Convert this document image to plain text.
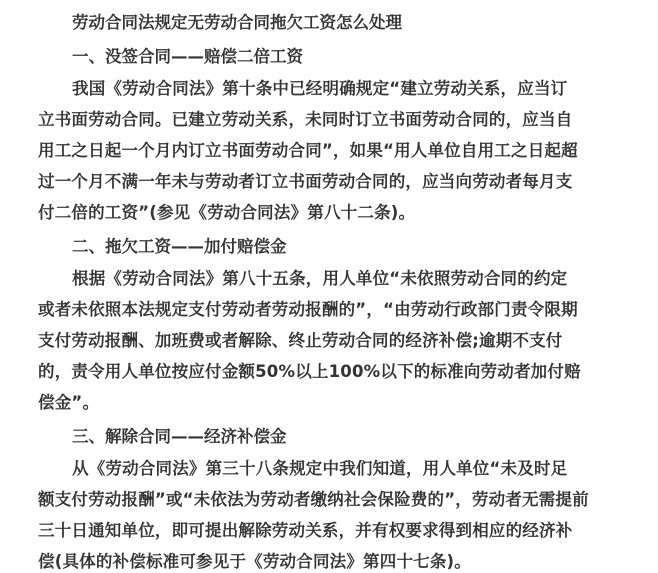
劳动合同法规定无劳动合同拖欠工资怎么处理

一、没签合同——赔偿二倍工资

我国《劳动合同法》第十条中已经明确规定“建立劳动关系，应当订

立书面劳动合同。已建立劳动关系，未同时订立书面劳动合同的，应当自

用工之日起一个月内订立书面劳动合同”，如果“用人单位自用工之日起超

过一个月不满一年未与劳动者订立书面劳动合同的，应当向劳动者每月支

付二倍的工资”(参见《劳动合同法》第八十二条)。

二、拖欠工资——加付赔偿金

根据《劳动合同法》第八十五条，用人单位“未依照劳动合同的约定

或者未依照本法规定支付劳动者劳动报酬的”，“由劳动行政部门责令限期

支付劳动报酬、加班费或者解除、终止劳动合同的经济补偿;逾期不支付

的，责令用人单位按应付金额50%以上100%以下的标准向劳动者加付赔

偿金”。

三、解除合同——经济补偿金

从《劳动合同法》第三十八条规定中我们知道，用人单位“未及时足

额支付劳动报酬”或“未依法为劳动者缴纳社会保险费的”，劳动者无需提前

三十日通知单位，即可提出解除劳动关系，并有权要求得到相应的经济补

偿(具体的补偿标准可参见于《劳动合同法》第四十七条)。
